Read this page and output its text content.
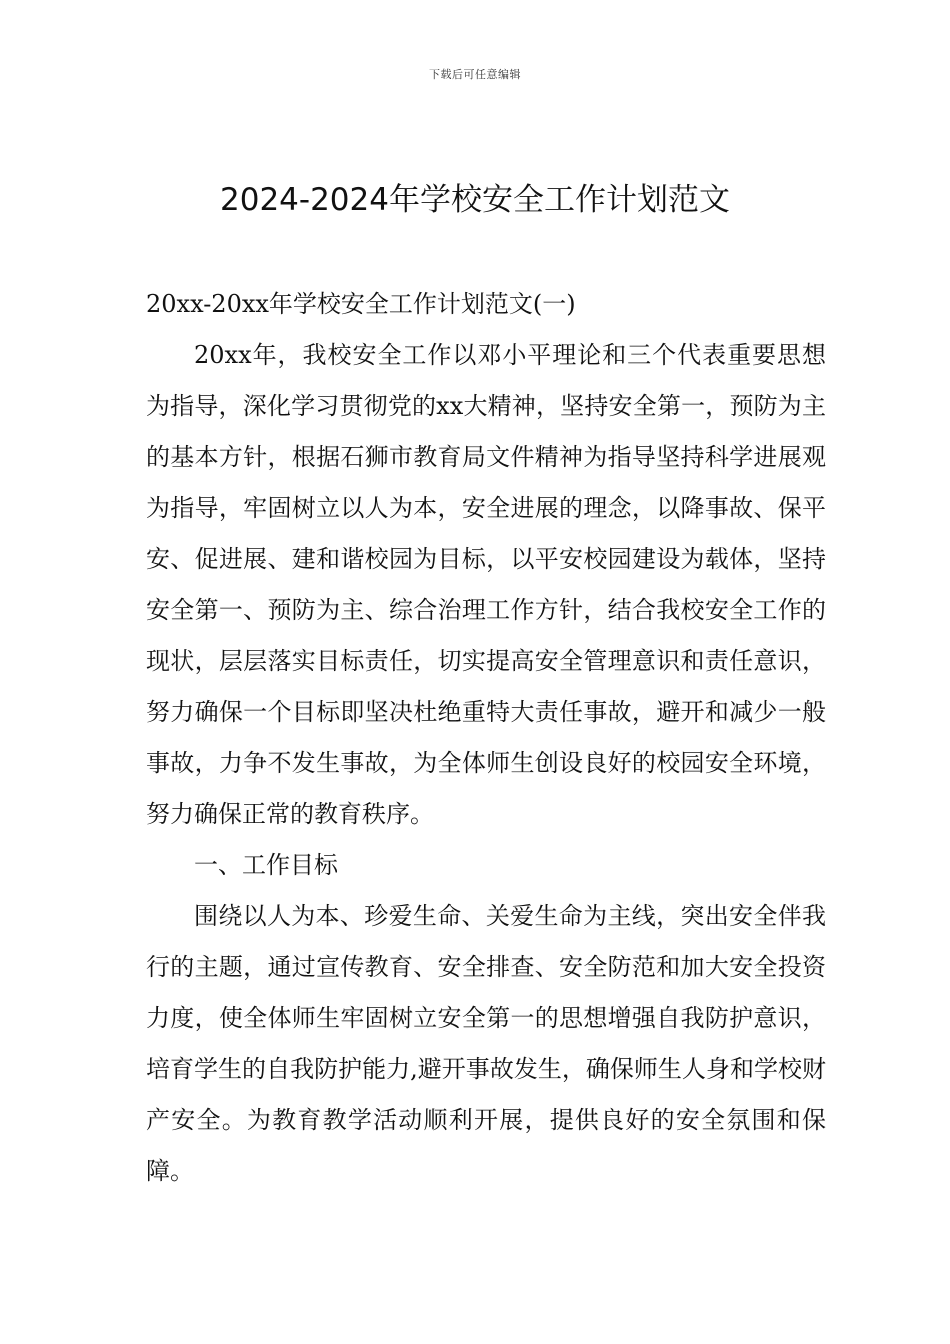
下载后可任意编辑
2024-2024年学校安全工作计划范文

20xx-20xx年学校安全工作计划范文(一)

20xx年，我校安全工作以邓小平理论和三个代表重要思想为指导，深化学习贯彻党的xx大精神，坚持安全第一，预防为主的基本方针，根据石狮市教育局文件精神为指导坚持科学进展观为指导，牢固树立以人为本，安全进展的理念，以降事故、保平安、促进展、建和谐校园为目标，以平安校园建设为载体，坚持安全第一、预防为主、综合治理工作方针，结合我校安全工作的现状，层层落实目标责任，切实提高安全管理意识和责任意识，努力确保一个目标即坚决杜绝重特大责任事故，避开和减少一般事故，力争不发生事故，为全体师生创设良好的校园安全环境，努力确保正常的教育秩序。

一、工作目标

围绕以人为本、珍爱生命、关爱生命为主线，突出安全伴我行的主题，通过宣传教育、安全排查、安全防范和加大安全投资力度，使全体师生牢固树立安全第一的思想增强自我防护意识，培育学生的自我防护能力,避开事故发生，确保师生人身和学校财产安全。为教育教学活动顺利开展，提供良好的安全氛围和保障。
